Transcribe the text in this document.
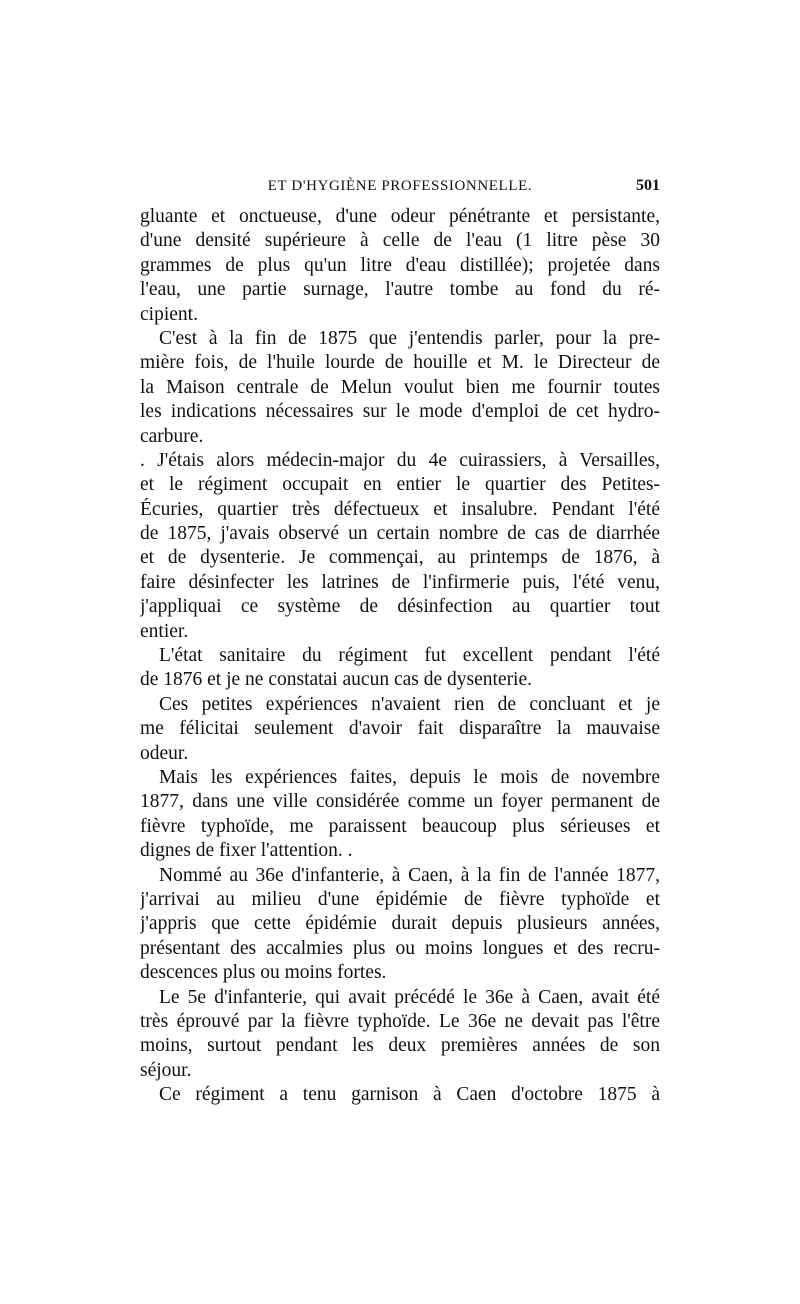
ET D'HYGIÈNE PROFESSIONNELLE.	501
gluante et onctueuse, d'une odeur pénétrante et persistante,
d'une densité supérieure à celle de l'eau (1 litre pèse 30
grammes de plus qu'un litre d'eau distillée); projetée dans
l'eau, une partie surnage, l'autre tombe au fond du ré-
cipient.
C'est à la fin de 1875 que j'entendis parler, pour la pre-
mière fois, de l'huile lourde de houille et M. le Directeur de
la Maison centrale de Melun voulut bien me fournir toutes
les indications nécessaires sur le mode d'emploi de cet hydro-
carbure.
. J'étais alors médecin-major du 4e cuirassiers, à Versailles,
et le régiment occupait en entier le quartier des Petites-
Écuries, quartier très défectueux et insalubre. Pendant l'été
de 1875, j'avais observé un certain nombre de cas de diarrhée
et de dysenterie. Je commençai, au printemps de 1876, à
faire désinfecter les latrines de l'infirmerie puis, l'été venu,
j'appliquai ce système de désinfection au quartier tout
entier.
L'état sanitaire du régiment fut excellent pendant l'été
de 1876 et je ne constatai aucun cas de dysenterie.
Ces petites expériences n'avaient rien de concluant et je
me félicitai seulement d'avoir fait disparaître la mauvaise
odeur.
Mais les expériences faites, depuis le mois de novembre
1877, dans une ville considérée comme un foyer permanent de
fièvre typhoïde, me paraissent beaucoup plus sérieuses et
dignes de fixer l'attention. .
Nommé au 36e d'infanterie, à Caen, à la fin de l'année 1877,
j'arrivai au milieu d'une épidémie de fièvre typhoïde et
j'appris que cette épidémie durait depuis plusieurs années,
présentant des accalmies plus ou moins longues et des recru-
descences plus ou moins fortes.
Le 5e d'infanterie, qui avait précédé le 36e à Caen, avait été
très éprouvé par la fièvre typhoïde. Le 36e ne devait pas l'être
moins, surtout pendant les deux premières années de son
séjour.
Ce régiment a tenu garnison à Caen d'octobre 1875 à
